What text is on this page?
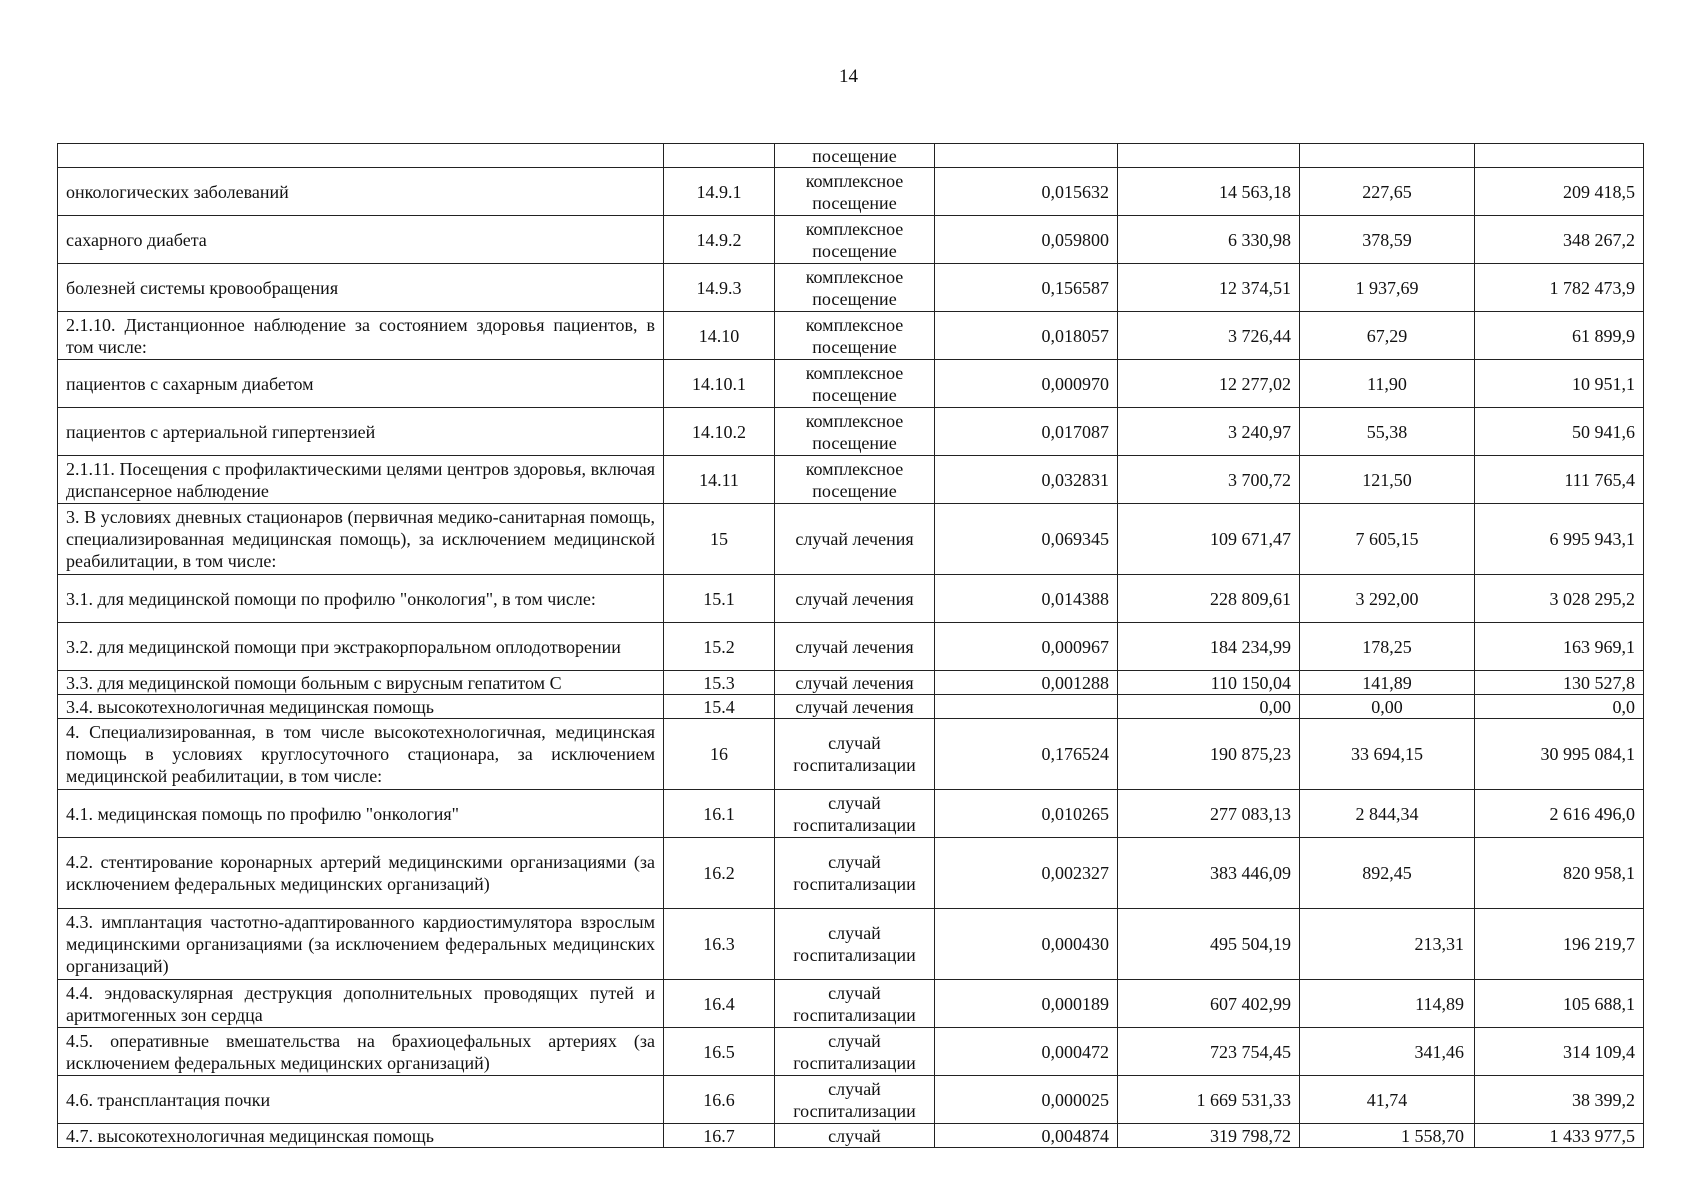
14
		посещение				
онкологических заболеваний	14.9.1	комплексное посещение	0,015632	14 563,18	227,65	209 418,5
сахарного диабета	14.9.2	комплексное посещение	0,059800	6 330,98	378,59	348 267,2
болезней системы кровообращения	14.9.3	комплексное посещение	0,156587	12 374,51	1 937,69	1 782 473,9
2.1.10. Дистанционное наблюдение за состоянием здоровья пациентов, в том числе:	14.10	комплексное посещение	0,018057	3 726,44	67,29	61 899,9
пациентов с сахарным диабетом	14.10.1	комплексное посещение	0,000970	12 277,02	11,90	10 951,1
пациентов с артериальной гипертензией	14.10.2	комплексное посещение	0,017087	3 240,97	55,38	50 941,6
2.1.11. Посещения с профилактическими целями центров здоровья, включая диспансерное наблюдение	14.11	комплексное посещение	0,032831	3 700,72	121,50	111 765,4
3. В условиях дневных стационаров (первичная медико-санитарная помощь, специализированная медицинская помощь), за исключением медицинской реабилитации, в том числе:	15	случай лечения	0,069345	109 671,47	7 605,15	6 995 943,1
3.1. для медицинской помощи по профилю "онкология", в том числе:	15.1	случай лечения	0,014388	228 809,61	3 292,00	3 028 295,2
3.2. для медицинской помощи при экстракорпоральном оплодотворении	15.2	случай лечения	0,000967	184 234,99	178,25	163 969,1
3.3. для медицинской помощи больным с вирусным гепатитом С	15.3	случай лечения	0,001288	110 150,04	141,89	130 527,8
3.4. высокотехнологичная медицинская помощь	15.4	случай лечения		0,00	0,00	0,0
4. Специализированная, в том числе высокотехнологичная, медицинская помощь в условиях круглосуточного стационара, за исключением медицинской реабилитации, в том числе:	16	случай госпитализации	0,176524	190 875,23	33 694,15	30 995 084,1
4.1. медицинская помощь по профилю "онкология"	16.1	случай госпитализации	0,010265	277 083,13	2 844,34	2 616 496,0
4.2. стентирование коронарных артерий медицинскими организациями (за исключением федеральных медицинских организаций)	16.2	случай госпитализации	0,002327	383 446,09	892,45	820 958,1
4.3. имплантация частотно-адаптированного кардиостимулятора взрослым медицинскими организациями (за исключением федеральных медицинских организаций)	16.3	случай госпитализации	0,000430	495 504,19	213,31	196 219,7
4.4. эндоваскулярная деструкция дополнительных проводящих путей и аритмогенных зон сердца	16.4	случай госпитализации	0,000189	607 402,99	114,89	105 688,1
4.5. оперативные вмешательства на брахиоцефальных артериях (за исключением федеральных медицинских организаций)	16.5	случай госпитализации	0,000472	723 754,45	341,46	314 109,4
4.6. трансплантация почки	16.6	случай госпитализации	0,000025	1 669 531,33	41,74	38 399,2
4.7. высокотехнологичная медицинская помощь	16.7	случай	0,004874	319 798,72	1 558,70	1 433 977,5
